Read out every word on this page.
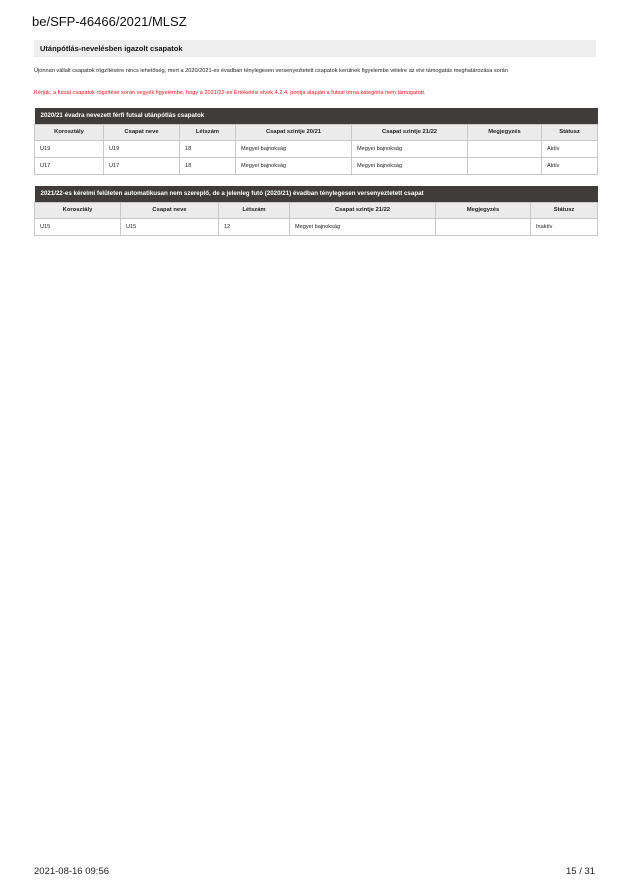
be/SFP-46466/2021/MLSZ
Utánpótlás-nevelésben igazolt csapatok
Újonnan vállalt csapatok rögzítésére nincs lehetőség, mert a 2020/2021-es évadban ténylegesen versenyeztetett csapatok kerülnek figyelembe vételre az elvi támogatás meghatározása során
Kérjük, a futsal csapatok rögzítése során vegyék figyelembe, hogy a 2021/22-es Értékelési elvek 4.2.4. pontja alapján a futsal torna kategória nem támogatott.
2020/21 évadra nevezett férfi futsal utánpótlás csapatok						
Korosztály	Csapat neve	Létszám	Csapat szintje 20/21	Csapat szintje 21/22	Megjegyzés	Státusz
U19	U19	18	Megyei bajnokság	Megyei bajnokság		Aktív
U17	U17	18	Megyei bajnokság	Megyei bajnokság		Aktív
2021/22-es kérelmi felületen automatikusan nem szereplő, de a jelenleg futó (2020/21) évadban ténylegesen versenyeztetett csapat					
Korosztály	Csapat neve	Létszám	Csapat szintje 21/22	Megjegyzés	Státusz
U15	U15	12	Megyei bajnokság		Inaktív
2021-08-16 09:56	15 / 31
